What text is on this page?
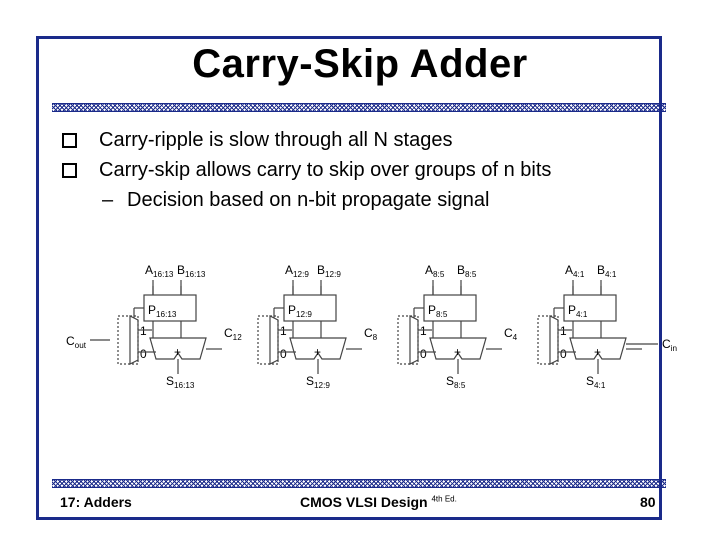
Carry-Skip Adder
Carry-ripple is slow through all N stages
Carry-skip allows carry to skip over groups of n bits
– Decision based on n-bit propagate signal
$A_{16:13}$ $B_{16:13}$
$P_{16:13}$
+
$S_{16:13}$
1
0
$C_{12}$
$A_{12:9}$ $B_{12:9}$
$P_{12:9}$
+
$S_{12:9}$
1
0
$C_8$
$A_{8:5}$ $B_{8:5}$
$P_{8:5}$
+
$S_{8:5}$
1
0
$C_4$
$A_{4:1}$ $B_{4:1}$
$P_{4:1}$
+
$S_{4:1}$
1
0
$C_{in}$
$C_{out}$
17: Adders	CMOS VLSI Design $^{4th Ed.}$	80
